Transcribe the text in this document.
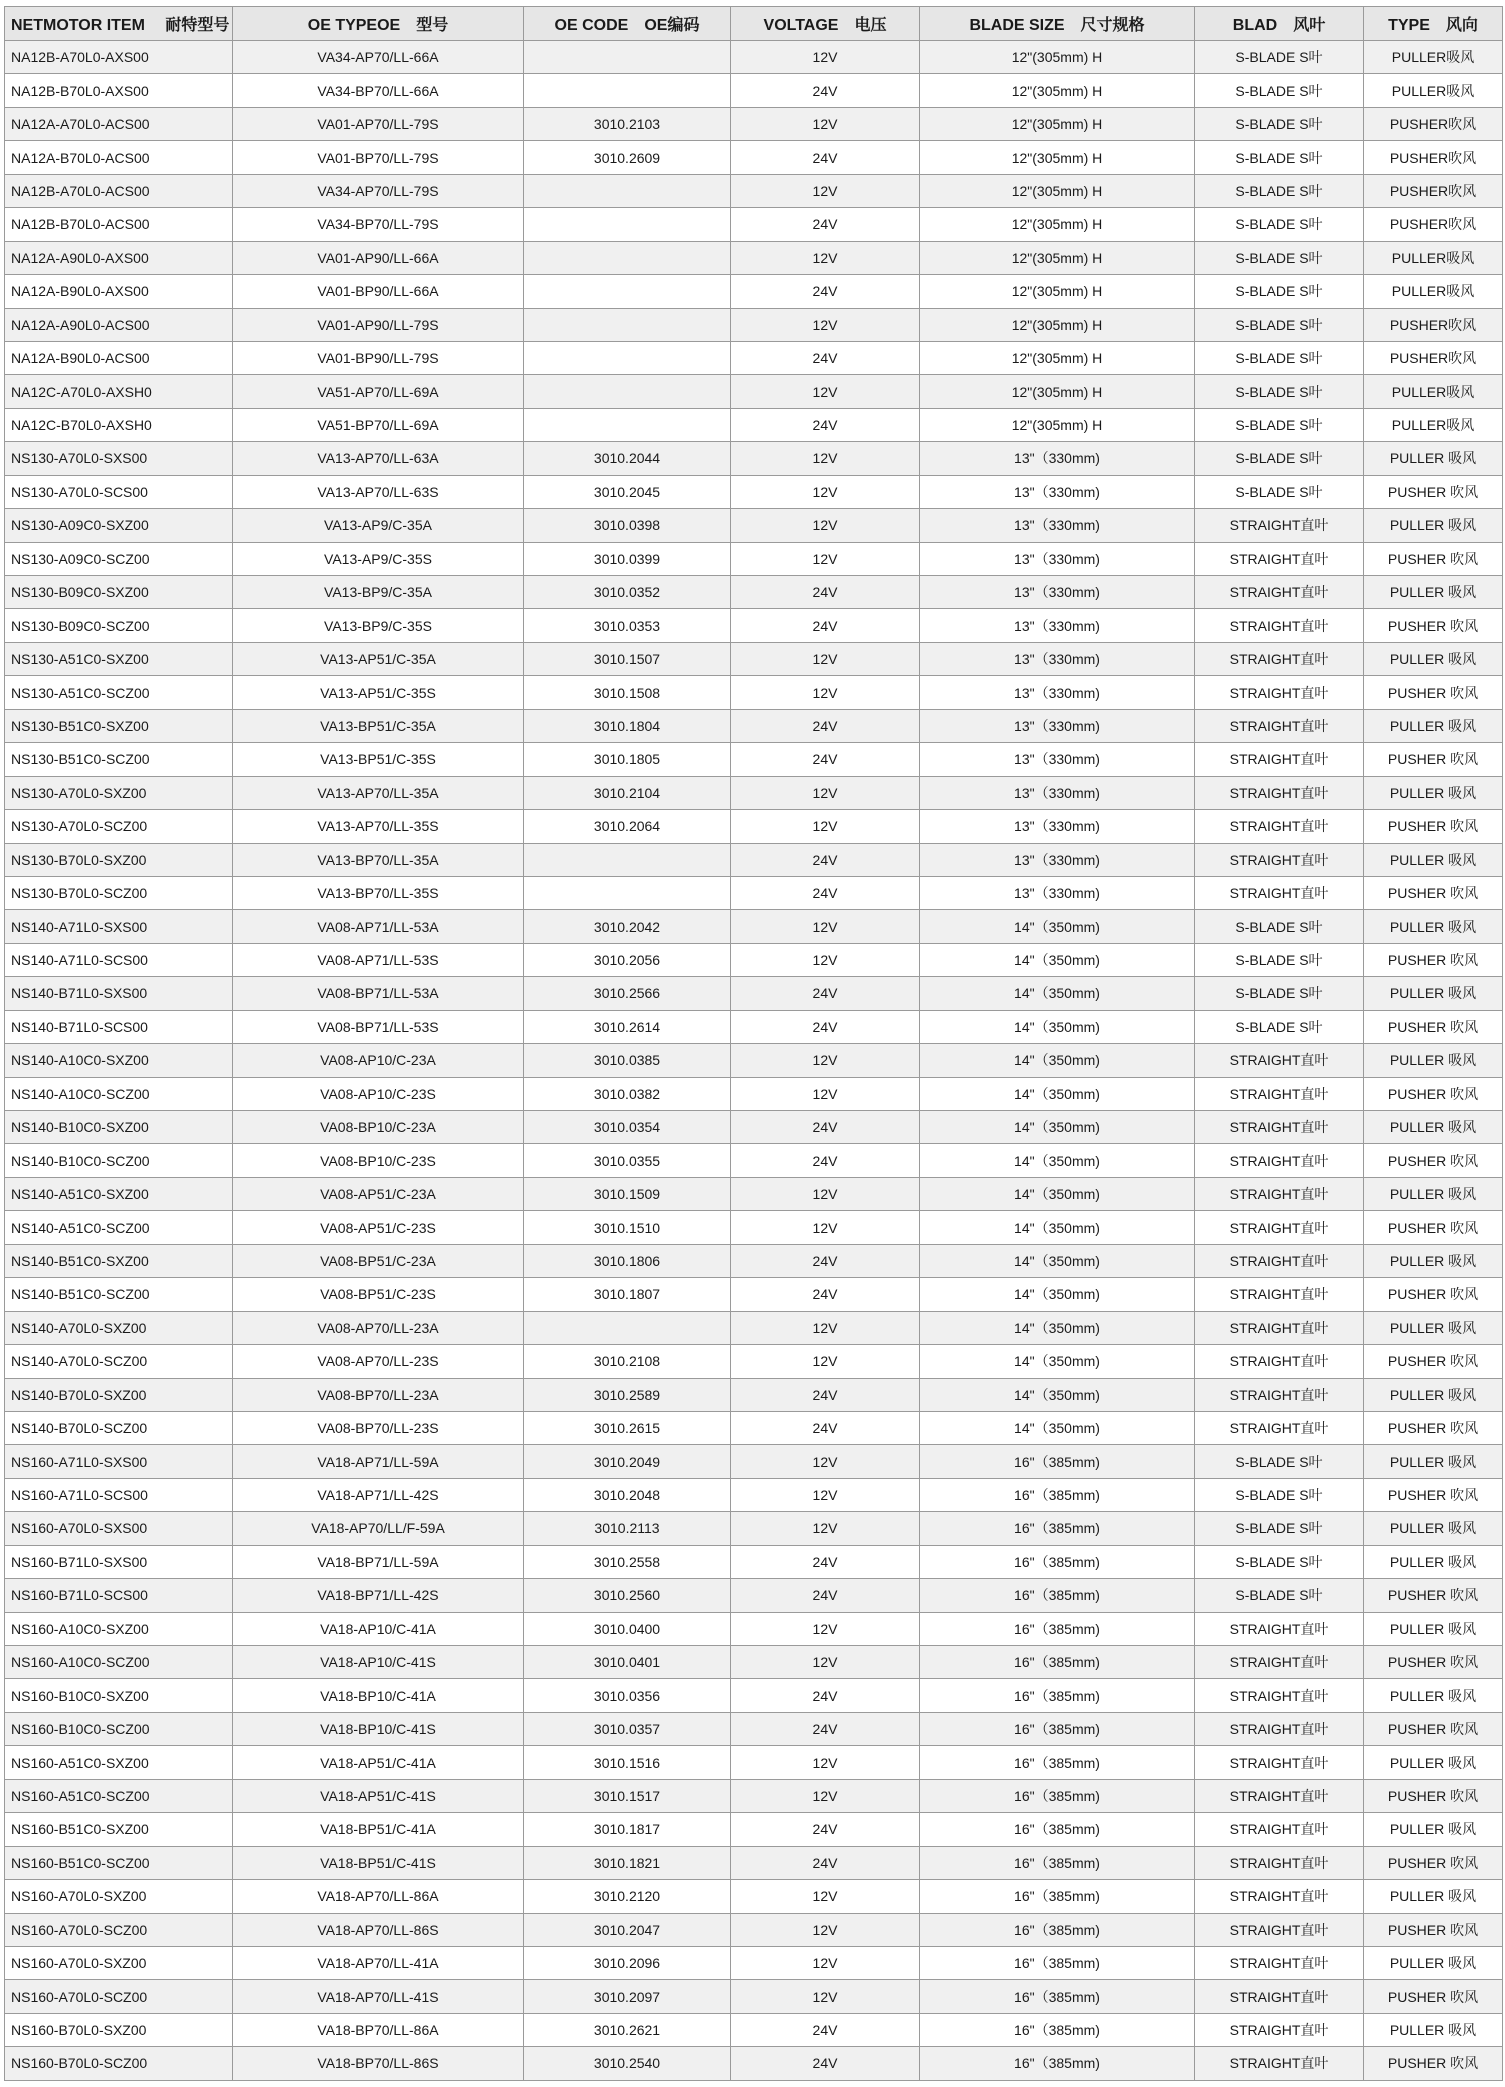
NETMOTOR ITEM　 耐特型号	OE TYPEOE　型号	OE CODE　OE编码	VOLTAGE　电压	BLADE SIZE　尺寸规格	BLAD　风叶	TYPE　风向
NA12B-A70L0-AXS00	VA34-AP70/LL-66A		12V	12"(305mm) H	S-BLADE S叶	PULLER吸风
NA12B-B70L0-AXS00	VA34-BP70/LL-66A		24V	12"(305mm) H	S-BLADE S叶	PULLER吸风
NA12A-A70L0-ACS00	VA01-AP70/LL-79S	3010.2103	12V	12"(305mm) H	S-BLADE S叶	PUSHER吹风
NA12A-B70L0-ACS00	VA01-BP70/LL-79S	3010.2609	24V	12"(305mm) H	S-BLADE S叶	PUSHER吹风
NA12B-A70L0-ACS00	VA34-AP70/LL-79S		12V	12"(305mm) H	S-BLADE S叶	PUSHER吹风
NA12B-B70L0-ACS00	VA34-BP70/LL-79S		24V	12"(305mm) H	S-BLADE S叶	PUSHER吹风
NA12A-A90L0-AXS00	VA01-AP90/LL-66A		12V	12"(305mm) H	S-BLADE S叶	PULLER吸风
NA12A-B90L0-AXS00	VA01-BP90/LL-66A		24V	12"(305mm) H	S-BLADE S叶	PULLER吸风
NA12A-A90L0-ACS00	VA01-AP90/LL-79S		12V	12"(305mm) H	S-BLADE S叶	PUSHER吹风
NA12A-B90L0-ACS00	VA01-BP90/LL-79S		24V	12"(305mm) H	S-BLADE S叶	PUSHER吹风
NA12C-A70L0-AXSH0	VA51-AP70/LL-69A		12V	12"(305mm) H	S-BLADE S叶	PULLER吸风
NA12C-B70L0-AXSH0	VA51-BP70/LL-69A		24V	12"(305mm) H	S-BLADE S叶	PULLER吸风
NS130-A70L0-SXS00	VA13-AP70/LL-63A	3010.2044	12V	13"（330mm)	S-BLADE S叶	PULLER 吸风
NS130-A70L0-SCS00	VA13-AP70/LL-63S	3010.2045	12V	13"（330mm)	S-BLADE S叶	PUSHER 吹风
NS130-A09C0-SXZ00	VA13-AP9/C-35A	3010.0398	12V	13"（330mm)	STRAIGHT直叶	PULLER 吸风
NS130-A09C0-SCZ00	VA13-AP9/C-35S	3010.0399	12V	13"（330mm)	STRAIGHT直叶	PUSHER 吹风
NS130-B09C0-SXZ00	VA13-BP9/C-35A	3010.0352	24V	13"（330mm)	STRAIGHT直叶	PULLER 吸风
NS130-B09C0-SCZ00	VA13-BP9/C-35S	3010.0353	24V	13"（330mm)	STRAIGHT直叶	PUSHER 吹风
NS130-A51C0-SXZ00	VA13-AP51/C-35A	3010.1507	12V	13"（330mm)	STRAIGHT直叶	PULLER 吸风
NS130-A51C0-SCZ00	VA13-AP51/C-35S	3010.1508	12V	13"（330mm)	STRAIGHT直叶	PUSHER 吹风
NS130-B51C0-SXZ00	VA13-BP51/C-35A	3010.1804	24V	13"（330mm)	STRAIGHT直叶	PULLER 吸风
NS130-B51C0-SCZ00	VA13-BP51/C-35S	3010.1805	24V	13"（330mm)	STRAIGHT直叶	PUSHER 吹风
NS130-A70L0-SXZ00	VA13-AP70/LL-35A	3010.2104	12V	13"（330mm)	STRAIGHT直叶	PULLER 吸风
NS130-A70L0-SCZ00	VA13-AP70/LL-35S	3010.2064	12V	13"（330mm)	STRAIGHT直叶	PUSHER 吹风
NS130-B70L0-SXZ00	VA13-BP70/LL-35A		24V	13"（330mm)	STRAIGHT直叶	PULLER 吸风
NS130-B70L0-SCZ00	VA13-BP70/LL-35S		24V	13"（330mm)	STRAIGHT直叶	PUSHER 吹风
NS140-A71L0-SXS00	VA08-AP71/LL-53A	3010.2042	12V	14"（350mm)	S-BLADE S叶	PULLER 吸风
NS140-A71L0-SCS00	VA08-AP71/LL-53S	3010.2056	12V	14"（350mm)	S-BLADE S叶	PUSHER 吹风
NS140-B71L0-SXS00	VA08-BP71/LL-53A	3010.2566	24V	14"（350mm)	S-BLADE S叶	PULLER 吸风
NS140-B71L0-SCS00	VA08-BP71/LL-53S	3010.2614	24V	14"（350mm)	S-BLADE S叶	PUSHER 吹风
NS140-A10C0-SXZ00	VA08-AP10/C-23A	3010.0385	12V	14"（350mm)	STRAIGHT直叶	PULLER 吸风
NS140-A10C0-SCZ00	VA08-AP10/C-23S	3010.0382	12V	14"（350mm)	STRAIGHT直叶	PUSHER 吹风
NS140-B10C0-SXZ00	VA08-BP10/C-23A	3010.0354	24V	14"（350mm)	STRAIGHT直叶	PULLER 吸风
NS140-B10C0-SCZ00	VA08-BP10/C-23S	3010.0355	24V	14"（350mm)	STRAIGHT直叶	PUSHER 吹风
NS140-A51C0-SXZ00	VA08-AP51/C-23A	3010.1509	12V	14"（350mm)	STRAIGHT直叶	PULLER 吸风
NS140-A51C0-SCZ00	VA08-AP51/C-23S	3010.1510	12V	14"（350mm)	STRAIGHT直叶	PUSHER 吹风
NS140-B51C0-SXZ00	VA08-BP51/C-23A	3010.1806	24V	14"（350mm)	STRAIGHT直叶	PULLER 吸风
NS140-B51C0-SCZ00	VA08-BP51/C-23S	3010.1807	24V	14"（350mm)	STRAIGHT直叶	PUSHER 吹风
NS140-A70L0-SXZ00	VA08-AP70/LL-23A		12V	14"（350mm)	STRAIGHT直叶	PULLER 吸风
NS140-A70L0-SCZ00	VA08-AP70/LL-23S	3010.2108	12V	14"（350mm)	STRAIGHT直叶	PUSHER 吹风
NS140-B70L0-SXZ00	VA08-BP70/LL-23A	3010.2589	24V	14"（350mm)	STRAIGHT直叶	PULLER 吸风
NS140-B70L0-SCZ00	VA08-BP70/LL-23S	3010.2615	24V	14"（350mm)	STRAIGHT直叶	PUSHER 吹风
NS160-A71L0-SXS00	VA18-AP71/LL-59A	3010.2049	12V	16"（385mm)	S-BLADE S叶	PULLER 吸风
NS160-A71L0-SCS00	VA18-AP71/LL-42S	3010.2048	12V	16"（385mm)	S-BLADE S叶	PUSHER 吹风
NS160-A70L0-SXS00	VA18-AP70/LL/F-59A	3010.2113	12V	16"（385mm)	S-BLADE S叶	PULLER 吸风
NS160-B71L0-SXS00	VA18-BP71/LL-59A	3010.2558	24V	16"（385mm)	S-BLADE S叶	PULLER 吸风
NS160-B71L0-SCS00	VA18-BP71/LL-42S	3010.2560	24V	16"（385mm)	S-BLADE S叶	PUSHER 吹风
NS160-A10C0-SXZ00	VA18-AP10/C-41A	3010.0400	12V	16"（385mm)	STRAIGHT直叶	PULLER 吸风
NS160-A10C0-SCZ00	VA18-AP10/C-41S	3010.0401	12V	16"（385mm)	STRAIGHT直叶	PUSHER 吹风
NS160-B10C0-SXZ00	VA18-BP10/C-41A	3010.0356	24V	16"（385mm)	STRAIGHT直叶	PULLER 吸风
NS160-B10C0-SCZ00	VA18-BP10/C-41S	3010.0357	24V	16"（385mm)	STRAIGHT直叶	PUSHER 吹风
NS160-A51C0-SXZ00	VA18-AP51/C-41A	3010.1516	12V	16"（385mm)	STRAIGHT直叶	PULLER 吸风
NS160-A51C0-SCZ00	VA18-AP51/C-41S	3010.1517	12V	16"（385mm)	STRAIGHT直叶	PUSHER 吹风
NS160-B51C0-SXZ00	VA18-BP51/C-41A	3010.1817	24V	16"（385mm)	STRAIGHT直叶	PULLER 吸风
NS160-B51C0-SCZ00	VA18-BP51/C-41S	3010.1821	24V	16"（385mm)	STRAIGHT直叶	PUSHER 吹风
NS160-A70L0-SXZ00	VA18-AP70/LL-86A	3010.2120	12V	16"（385mm)	STRAIGHT直叶	PULLER 吸风
NS160-A70L0-SCZ00	VA18-AP70/LL-86S	3010.2047	12V	16"（385mm)	STRAIGHT直叶	PUSHER 吹风
NS160-A70L0-SXZ00	VA18-AP70/LL-41A	3010.2096	12V	16"（385mm)	STRAIGHT直叶	PULLER 吸风
NS160-A70L0-SCZ00	VA18-AP70/LL-41S	3010.2097	12V	16"（385mm)	STRAIGHT直叶	PUSHER 吹风
NS160-B70L0-SXZ00	VA18-BP70/LL-86A	3010.2621	24V	16"（385mm)	STRAIGHT直叶	PULLER 吸风
NS160-B70L0-SCZ00	VA18-BP70/LL-86S	3010.2540	24V	16"（385mm)	STRAIGHT直叶	PUSHER 吹风
